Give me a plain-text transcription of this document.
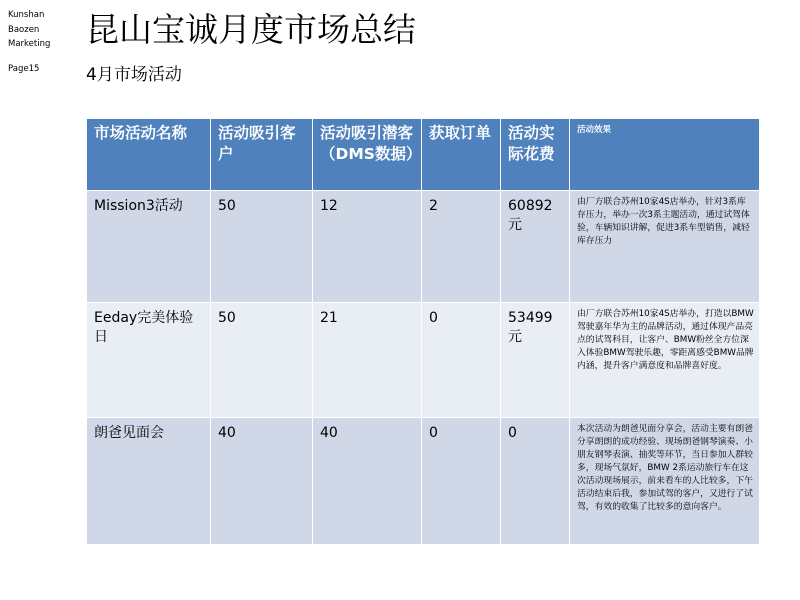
Kunshan
Baozen
Marketing
Page15
昆山宝诚月度市场总结
4月市场活动
市场活动名称	活动吸引客户	活动吸引潜客（DMS数据）	获取订单	活动实际花费	活动效果
Mission3活动	50	12	2	60892元	由厂方联合苏州10家4S店举办，针对3系库存压力，举办一次3系主题活动，通过试驾体验，车辆知识讲解，促进3系车型销售，减轻库存压力
Eeday完美体验日	50	21	0	53499元	由厂方联合苏州10家4S店举办，打造以BMW驾驶嘉年华为主的品牌活动，通过体现产品亮点的试驾科目，让客户、BMW粉丝全方位深入体验BMW驾驶乐趣，零距离感受BMW品牌内涵，提升客户满意度和品牌喜好度。
朗爸见面会	40	40	0	0	本次活动为朗爸见面分享会，活动主要有朗爸分享朗朗的成功经验、现场朗爸钢琴演奏、小朋友钢琴表演、抽奖等环节，当日参加人群较多，现场气氛好，BMW 2系运动旅行车在这次活动现场展示，前来看车的人比较多，下午活动结束后我，参加试驾的客户，又进行了试驾，有效的收集了比较多的意向客户。
